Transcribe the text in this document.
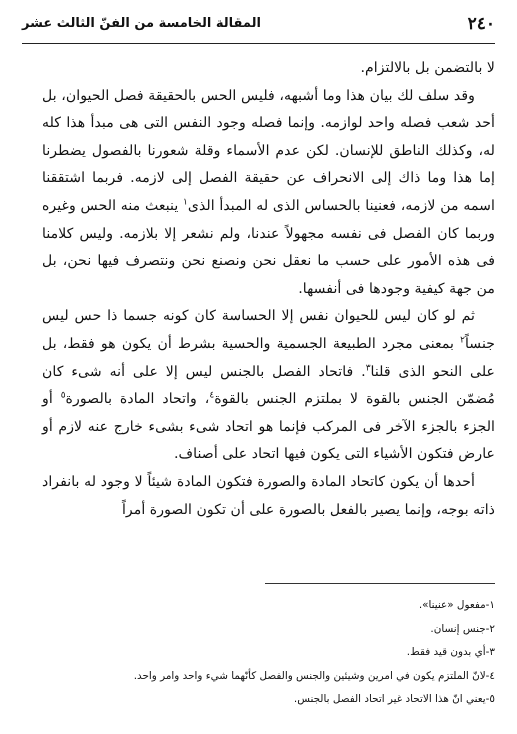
٢٤٠
المقالة الخامسة من الفنّ الثالث عشر

لا بالتضمن بل بالالتزام.

وقد سلف لك بيان هذا وما أشبهه، فليس الحس بالحقيقة فصل الحيوان، بل أحد شعب فصله واحد لوازمه. وإنما فصله وجود النفس التى هى مبدأ هذا كله له، وكذلك الناطق للإنسان. لكن عدم الأسماء وقلة شعورنا بالفصول يضطرنا إما هذا وما ذاك إلى الانحراف عن حقيقة الفصل إلى لازمه. فربما اشتققنا اسمه من لازمه، فعنينا بالحساس الذى له المبدأ الذى$^١$ ينبعث منه الحس وغيره وربما كان الفصل فى نفسه مجهولاً عندنا، ولم نشعر إلا بلازمه. وليس كلامنا فى هذه الأمور على حسب ما نعقل نحن ونصنع نحن ونتصرف فيها نحن، بل من جهة كيفية وجودها فى أنفسها.

ثم لو كان ليس للحيوان نفس إلا الحساسة كان كونه جسما ذا حس ليس جنساً$^٢$ بمعنى مجرد الطبيعة الجسمية والحسية بشرط أن يكون هو فقط، بل على النحو الذى قلنا$^٣$. فاتحاد الفصل بالجنس ليس إلا على أنه شىء كان مُضمّن الجنس بالقوة لا بملتزم الجنس بالقوة$^٤$، واتحاد المادة بالصورة$^٥$ أو الجزء بالجزء الآخر فى المركب فإنما هو اتحاد شىء بشىء خارج عنه لازم أو عارض فتكون الأشياء التى يكون فيها اتحاد على أصناف.

أحدها أن يكون كاتحاد المادة والصورة فتكون المادة شيئاً لا وجود له بانفراد ذاته بوجه، وإنما يصير بالفعل بالصورة على أن تكون الصورة أمراً

١-مفعول «عنينا».
٢-جنس إنسان.
٣-أي بدون قيد فقط.
٤-لانّ الملتزم يكون في امرين وشيئين والجنس والفصل كأنّهما شيء واحد وامر واحد.
٥-يعني انّ هذا الاتحاد غير اتحاد الفصل بالجنس.
